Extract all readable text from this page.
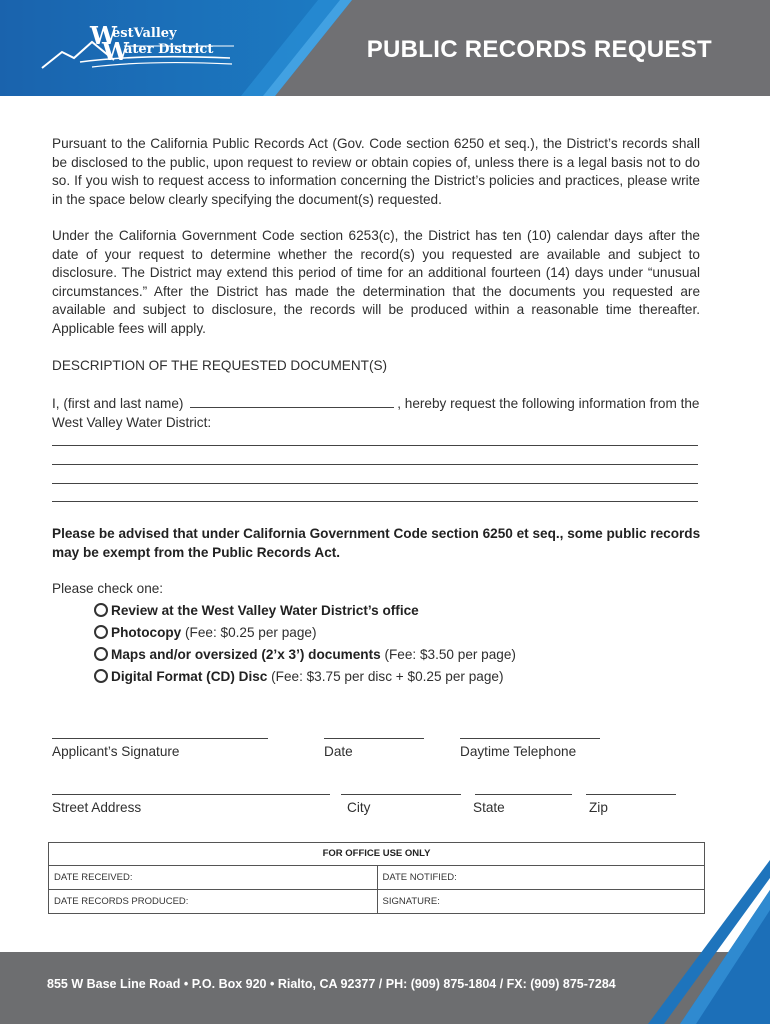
W
estValley
W
ater District	PUBLIC RECORDS REQUEST

Pursuant to the California Public Records Act (Gov. Code section 6250 et seq.), the District’s records shall be disclosed to the public, upon request to review or obtain copies of, unless there is a legal basis not to do so. If you wish to request access to information concerning the District’s policies and practices, please write in the space below clearly specifying the document(s) requested.

Under the California Government Code section 6253(c), the District has ten (10) calendar days after the date of your request to determine whether the record(s) you requested are available and subject to disclosure. The District may extend this period of time for an additional fourteen (14) days under “unusual circumstances.” After the District has made the determination that the documents you requested are available and subject to disclosure, the records will be produced within a reasonable time thereafter. Applicable fees will apply.

DESCRIPTION OF THE REQUESTED DOCUMENT(S)
I, (first and last name)	, hereby request the following information from the West Valley Water District:
Please be advised that under California Government Code section 6250 et seq., some public records may be exempt from the Public Records Act.
Please check one:
Review at the West Valley Water District’s office
Photocopy (Fee: $0.25 per page)
Maps and/or oversized (2’x 3’) documents (Fee: $3.50 per page)
Digital Format (CD) Disc (Fee: $3.75 per disc + $0.25 per page)
Applicant’s Signature	Date	Daytime Telephone
Street Address	City	State	Zip
FOR OFFICE USE ONLY
DATE RECEIVED:	DATE NOTIFIED:
DATE RECORDS PRODUCED:	SIGNATURE:
855 W Base Line Road • P.O. Box 920 • Rialto, CA 92377 / PH: (909) 875-1804 / FX: (909) 875-7284
